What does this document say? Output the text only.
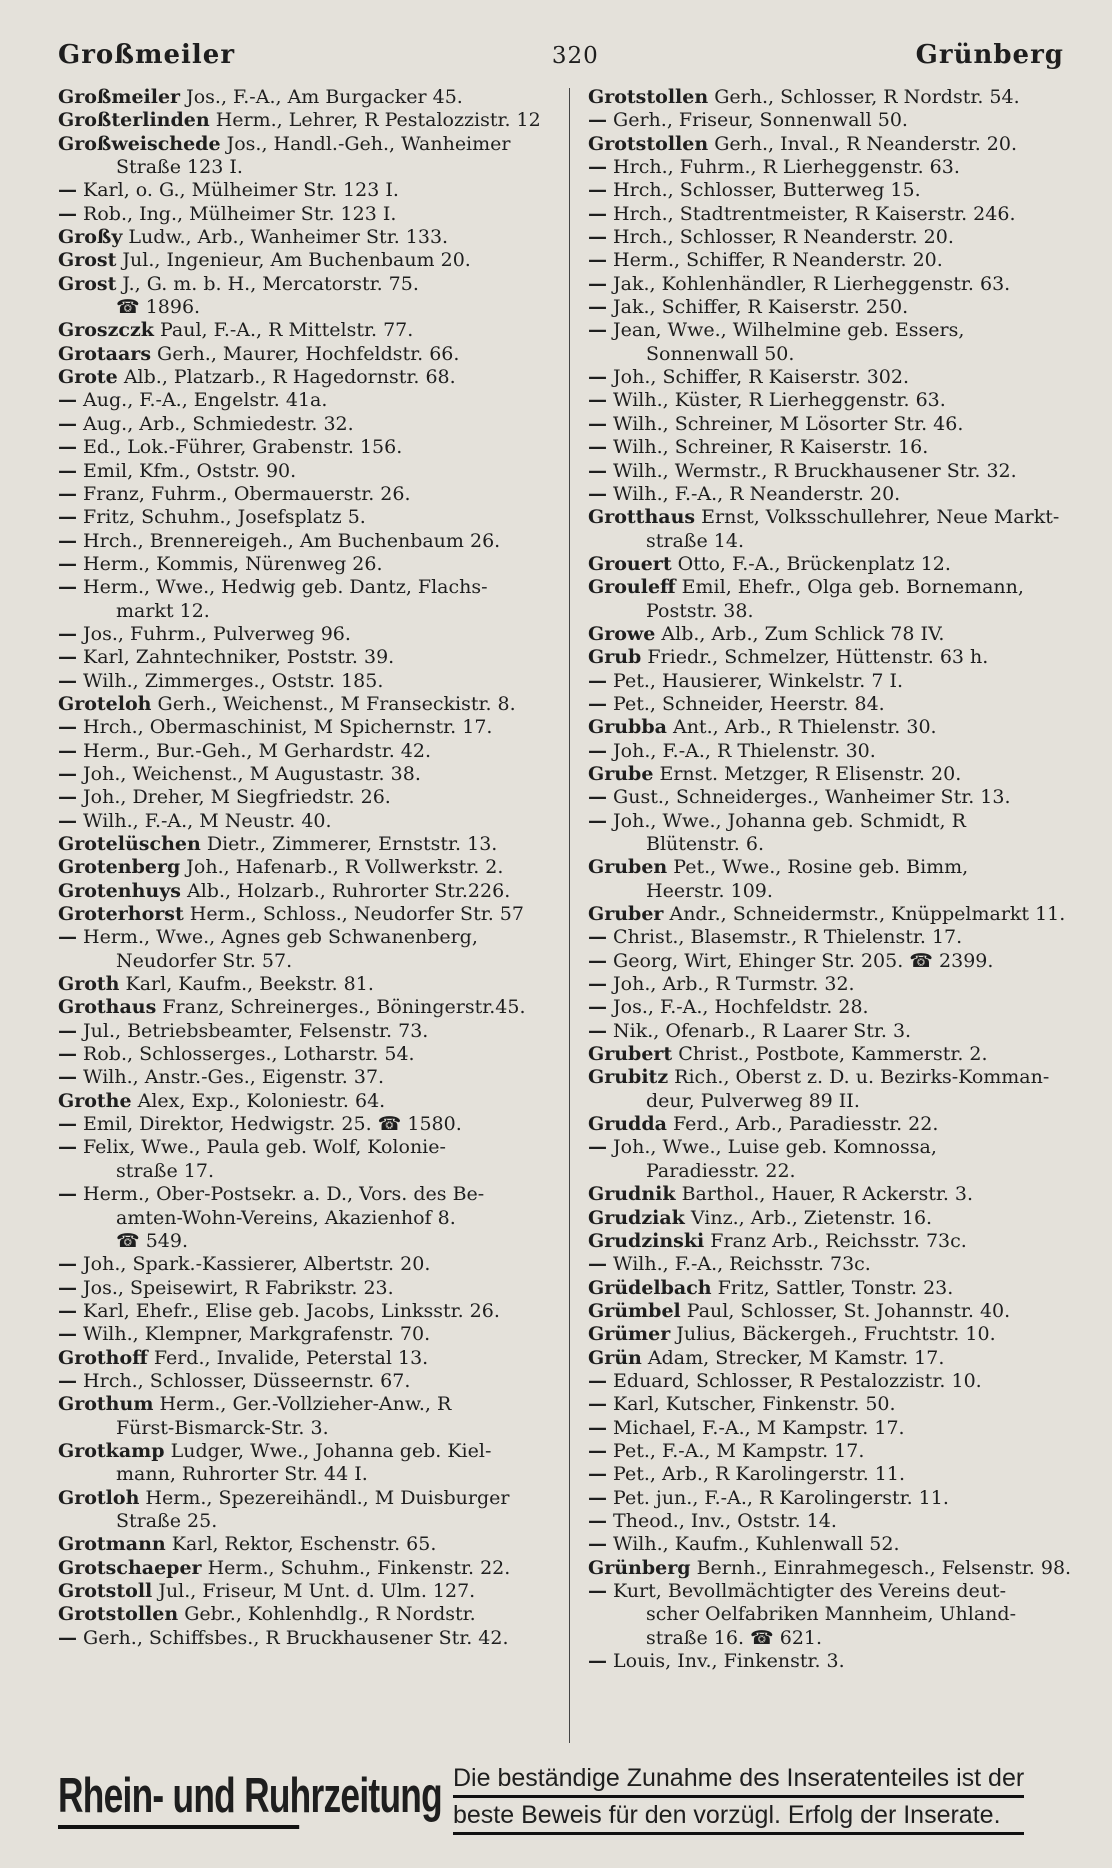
Großmeiler	320	Grünberg
Großmeiler Jos., F.-A., Am Burgacker 45.
Großterlinden Herm., Lehrer, R Pestalozzistr. 12
Großweischede Jos., Handl.-Geh., Wanheimer
Straße 123 I.
— Karl, o. G., Mülheimer Str. 123 I.
— Rob., Ing., Mülheimer Str. 123 I.
Großy Ludw., Arb., Wanheimer Str. 133.
Grost Jul., Ingenieur, Am Buchenbaum 20.
Grost J., G. m. b. H., Mercatorstr. 75.
☎ 1896.
Groszczk Paul, F.-A., R Mittelstr. 77.
Grotaars Gerh., Maurer, Hochfeldstr. 66.
Grote Alb., Platzarb., R Hagedornstr. 68.
— Aug., F.-A., Engelstr. 41a.
— Aug., Arb., Schmiedestr. 32.
— Ed., Lok.-Führer, Grabenstr. 156.
— Emil, Kfm., Oststr. 90.
— Franz, Fuhrm., Obermauerstr. 26.
— Fritz, Schuhm., Josefsplatz 5.
— Hrch., Brennereigeh., Am Buchenbaum 26.
— Herm., Kommis, Nürenweg 26.
— Herm., Wwe., Hedwig geb. Dantz, Flachs-
markt 12.
— Jos., Fuhrm., Pulverweg 96.
— Karl, Zahntechniker, Poststr. 39.
— Wilh., Zimmerges., Oststr. 185.
Groteloh Gerh., Weichenst., M Franseckistr. 8.
— Hrch., Obermaschinist, M Spichernstr. 17.
— Herm., Bur.-Geh., M Gerhardstr. 42.
— Joh., Weichenst., M Augustastr. 38.
— Joh., Dreher, M Siegfriedstr. 26.
— Wilh., F.-A., M Neustr. 40.
Grotelüschen Dietr., Zimmerer, Ernststr. 13.
Grotenberg Joh., Hafenarb., R Vollwerkstr. 2.
Grotenhuys Alb., Holzarb., Ruhrorter Str.226.
Groterhorst Herm., Schloss., Neudorfer Str. 57
— Herm., Wwe., Agnes geb Schwanenberg,
Neudorfer Str. 57.
Groth Karl, Kaufm., Beekstr. 81.
Grothaus Franz, Schreinerges., Böningerstr.45.
— Jul., Betriebsbeamter, Felsenstr. 73.
— Rob., Schlosserges., Lotharstr. 54.
— Wilh., Anstr.-Ges., Eigenstr. 37.
Grothe Alex, Exp., Koloniestr. 64.
— Emil, Direktor, Hedwigstr. 25. ☎ 1580.
— Felix, Wwe., Paula geb. Wolf, Kolonie-
straße 17.
— Herm., Ober-Postsekr. a. D., Vors. des Be-
amten-Wohn-Vereins, Akazienhof 8.
☎ 549.
— Joh., Spark.-Kassierer, Albertstr. 20.
— Jos., Speisewirt, R Fabrikstr. 23.
— Karl, Ehefr., Elise geb. Jacobs, Linksstr. 26.
— Wilh., Klempner, Markgrafenstr. 70.
Grothoff Ferd., Invalide, Peterstal 13.
— Hrch., Schlosser, Düsseernstr. 67.
Grothum Herm., Ger.-Vollzieher-Anw., R
Fürst-Bismarck-Str. 3.
Grotkamp Ludger, Wwe., Johanna geb. Kiel-
mann, Ruhrorter Str. 44 I.
Grotloh Herm., Spezereihändl., M Duisburger
Straße 25.
Grotmann Karl, Rektor, Eschenstr. 65.
Grotschaeper Herm., Schuhm., Finkenstr. 22.
Grotstoll Jul., Friseur, M Unt. d. Ulm. 127.
Grotstollen Gebr., Kohlenhdlg., R Nordstr.
— Gerh., Schiffsbes., R Bruckhausener Str. 42.
Grotstollen Gerh., Schlosser, R Nordstr. 54.
— Gerh., Friseur, Sonnenwall 50.
Grotstollen Gerh., Inval., R Neanderstr. 20.
— Hrch., Fuhrm., R Lierheggenstr. 63.
— Hrch., Schlosser, Butterweg 15.
— Hrch., Stadtrentmeister, R Kaiserstr. 246.
— Hrch., Schlosser, R Neanderstr. 20.
— Herm., Schiffer, R Neanderstr. 20.
— Jak., Kohlenhändler, R Lierheggenstr. 63.
— Jak., Schiffer, R Kaiserstr. 250.
— Jean, Wwe., Wilhelmine geb. Essers,
Sonnenwall 50.
— Joh., Schiffer, R Kaiserstr. 302.
— Wilh., Küster, R Lierheggenstr. 63.
— Wilh., Schreiner, M Lösorter Str. 46.
— Wilh., Schreiner, R Kaiserstr. 16.
— Wilh., Wermstr., R Bruckhausener Str. 32.
— Wilh., F.-A., R Neanderstr. 20.
Grotthaus Ernst, Volksschullehrer, Neue Markt-
straße 14.
Grouert Otto, F.-A., Brückenplatz 12.
Grouleff Emil, Ehefr., Olga geb. Bornemann,
Poststr. 38.
Growe Alb., Arb., Zum Schlick 78 IV.
Grub Friedr., Schmelzer, Hüttenstr. 63 h.
— Pet., Hausierer, Winkelstr. 7 I.
— Pet., Schneider, Heerstr. 84.
Grubba Ant., Arb., R Thielenstr. 30.
— Joh., F.-A., R Thielenstr. 30.
Grube Ernst. Metzger, R Elisenstr. 20.
— Gust., Schneiderges., Wanheimer Str. 13.
— Joh., Wwe., Johanna geb. Schmidt, R
Blütenstr. 6.
Gruben Pet., Wwe., Rosine geb. Bimm,
Heerstr. 109.
Gruber Andr., Schneidermstr., Knüppelmarkt 11.
— Christ., Blasemstr., R Thielenstr. 17.
— Georg, Wirt, Ehinger Str. 205. ☎ 2399.
— Joh., Arb., R Turmstr. 32.
— Jos., F.-A., Hochfeldstr. 28.
— Nik., Ofenarb., R Laarer Str. 3.
Grubert Christ., Postbote, Kammerstr. 2.
Grubitz Rich., Oberst z. D. u. Bezirks-Komman-
deur, Pulverweg 89 II.
Grudda Ferd., Arb., Paradiesstr. 22.
— Joh., Wwe., Luise geb. Komnossa,
Paradiesstr. 22.
Grudnik Barthol., Hauer, R Ackerstr. 3.
Grudziak Vinz., Arb., Zietenstr. 16.
Grudzinski Franz Arb., Reichsstr. 73c.
— Wilh., F.-A., Reichsstr. 73c.
Grüdelbach Fritz, Sattler, Tonstr. 23.
Grümbel Paul, Schlosser, St. Johannstr. 40.
Grümer Julius, Bäckergeh., Fruchtstr. 10.
Grün Adam, Strecker, M Kamstr. 17.
— Eduard, Schlosser, R Pestalozzistr. 10.
— Karl, Kutscher, Finkenstr. 50.
— Michael, F.-A., M Kampstr. 17.
— Pet., F.-A., M Kampstr. 17.
— Pet., Arb., R Karolingerstr. 11.
— Pet. jun., F.-A., R Karolingerstr. 11.
— Theod., Inv., Oststr. 14.
— Wilh., Kaufm., Kuhlenwall 52.
Grünberg Bernh., Einrahmegesch., Felsenstr. 98.
— Kurt, Bevollmächtigter des Vereins deut-
scher Oelfabriken Mannheim, Uhland-
straße 16. ☎ 621.
— Louis, Inv., Finkenstr. 3.
Rhein- und Ruhrzeitung Die beständige Zunahme des Inseratenteiles ist der
beste Beweis für den vorzügl. Erfolg der Inserate.
